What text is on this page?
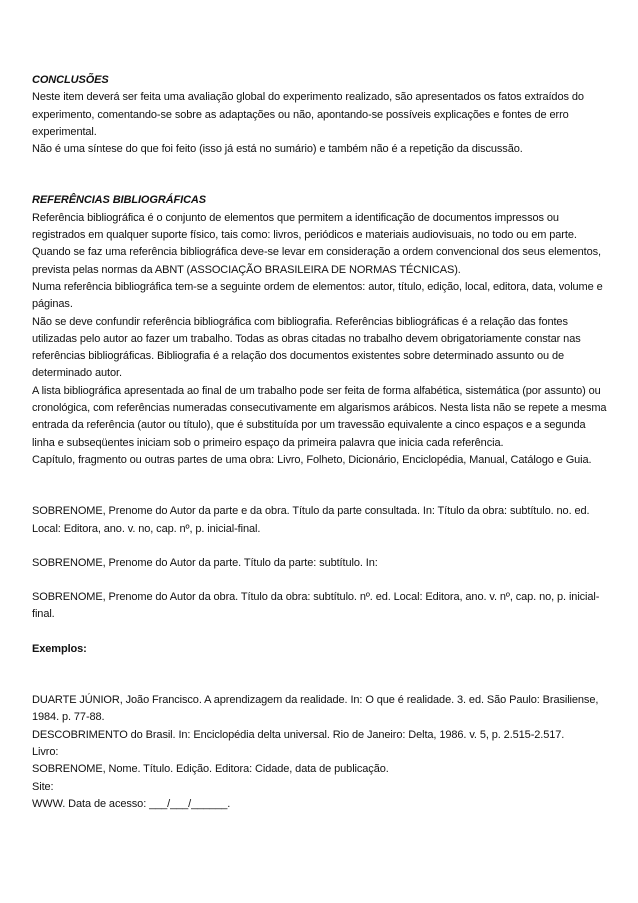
CONCLUSÕES

Neste item deverá ser feita uma avaliação global do experimento realizado, são apresentados os fatos extraídos do experimento, comentando-se sobre as adaptações ou não, apontando-se possíveis explicações e fontes de erro experimental.

Não é uma síntese do que foi feito (isso já está no sumário) e também não é a repetição da discussão.

REFERÊNCIAS BIBLIOGRÁFICAS

Referência bibliográfica é o conjunto de elementos que permitem a identificação de documentos impressos ou registrados em qualquer suporte físico, tais como: livros, periódicos e materiais audiovisuais, no todo ou em parte.

Quando se faz uma referência bibliográfica deve-se levar em consideração a ordem convencional dos seus elementos, prevista pelas normas da ABNT (ASSOCIAÇÃO BRASILEIRA DE NORMAS TÉCNICAS).

Numa referência bibliográfica tem-se a seguinte ordem de elementos: autor, título, edição, local, editora, data, volume e páginas.

Não se deve confundir referência bibliográfica com bibliografia. Referências bibliográficas é a relação das fontes utilizadas pelo autor ao fazer um trabalho. Todas as obras citadas no trabalho devem obrigatoriamente constar nas referências bibliográficas. Bibliografia é a relação dos documentos existentes sobre determinado assunto ou de determinado autor.

A lista bibliográfica apresentada ao final de um trabalho pode ser feita de forma alfabética, sistemática (por assunto) ou cronológica, com referências numeradas consecutivamente em algarismos arábicos. Nesta lista não se repete a mesma entrada da referência (autor ou título), que é substituída por um travessão equivalente a cinco espaços e a segunda linha e subseqüentes iniciam sob o primeiro espaço da primeira palavra que inicia cada referência.

Capítulo, fragmento ou outras partes de uma obra: Livro, Folheto, Dicionário, Enciclopédia, Manual, Catálogo e Guia.

SOBRENOME, Prenome do Autor da parte e da obra. Título da parte consultada. In: Título da obra: subtítulo. no. ed. Local: Editora, ano. v. no, cap. nº, p. inicial-final.

SOBRENOME, Prenome do Autor da parte. Título da parte: subtítulo. In:

SOBRENOME, Prenome do Autor da obra. Título da obra: subtítulo. nº. ed. Local: Editora, ano. v. nº, cap. no, p. inicial-final.

Exemplos:

DUARTE JÚNIOR, João Francisco. A aprendizagem da realidade. In: O que é realidade. 3. ed. São Paulo: Brasiliense, 1984. p. 77-88.

DESCOBRIMENTO do Brasil. In: Enciclopédia delta universal. Rio de Janeiro: Delta, 1986. v. 5, p. 2.515-2.517.

Livro:

SOBRENOME, Nome. Título. Edição. Editora: Cidade, data de publicação.

Site:

WWW. Data de acesso: ___/___/______.
